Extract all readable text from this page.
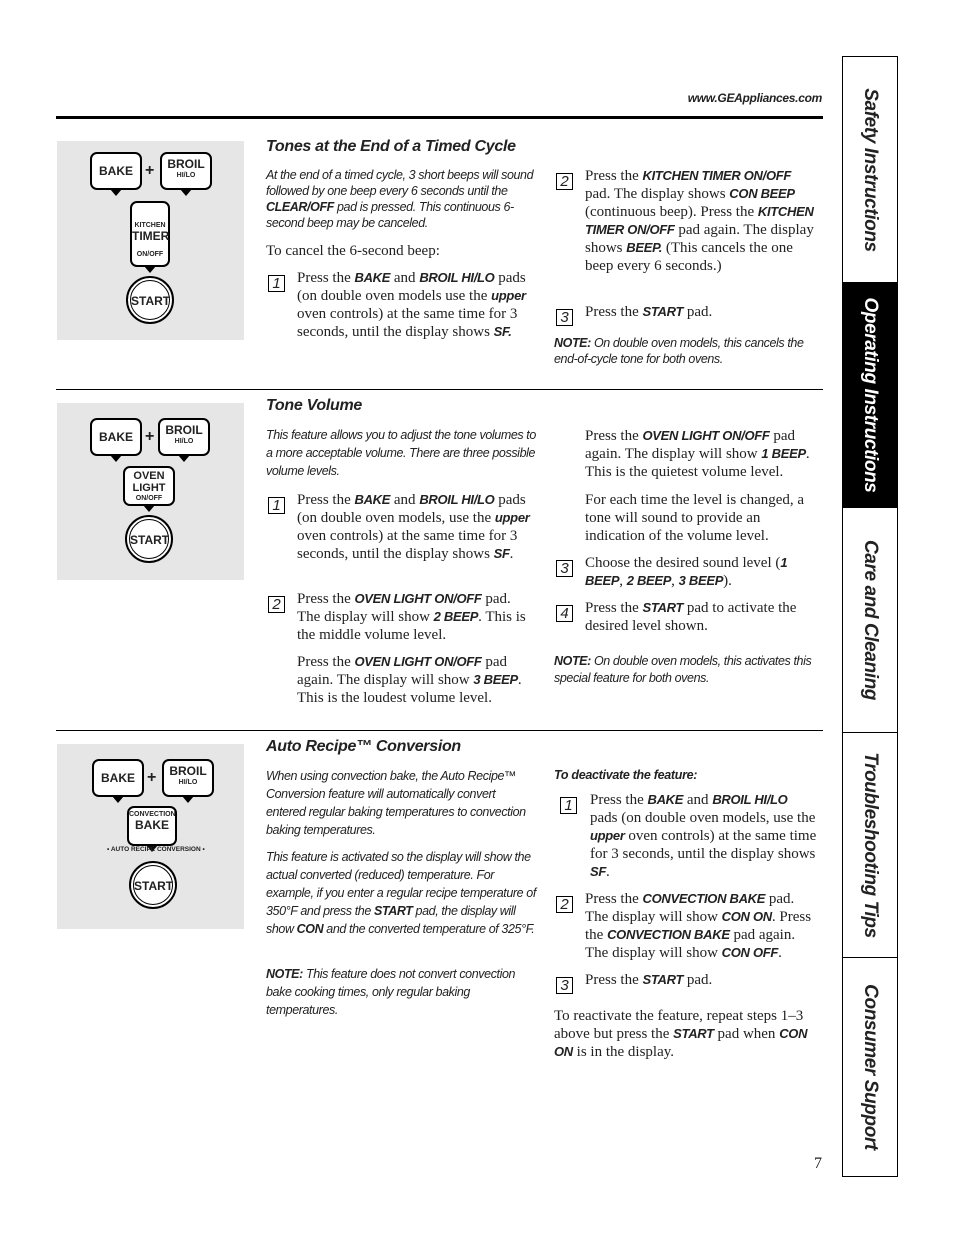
www.GEAppliances.com
BAKE +	BROIL
HI/LO
KITCHEN
TIMER
ON/OFF
START
Tones at the End of a Timed Cycle
At the end of a timed cycle, 3 short beeps will sound followed by one beep every 6 seconds until the CLEAR/OFF pad is pressed. This continuous 6-second beep may be canceled.
To cancel the 6-second beep:
1 Press the BAKE and BROIL HI/LO pads (on double oven models use the upper oven controls) at the same time for 3 seconds, until the display shows SF.
2 Press the KITCHEN TIMER ON/OFF pad. The display shows CON BEEP (continuous beep). Press the KITCHEN TIMER ON/OFF pad again. The display shows BEEP. (This cancels the one beep every 6 seconds.)
3 Press the START pad.
NOTE: On double oven models, this cancels the end-of-cycle tone for both ovens.
BAKE + BROIL
HI/LO
OVEN
LIGHT
ON/OFF
START
Tone Volume
This feature allows you to adjust the tone volumes to a more acceptable volume. There are three possible volume levels.
1 Press the BAKE and BROIL HI/LO pads (on double oven models, use the upper oven controls) at the same time for 3 seconds, until the display shows SF.
2 Press the OVEN LIGHT ON/OFF pad. The display will show 2 BEEP. This is the middle volume level.
Press the OVEN LIGHT ON/OFF pad again. The display will show 3 BEEP. This is the loudest volume level.
Press the OVEN LIGHT ON/OFF pad again. The display will show 1 BEEP. This is the quietest volume level.
For each time the level is changed, a tone will sound to provide an indication of the volume level.
3 Choose the desired sound level (1 BEEP, 2 BEEP, 3 BEEP).
4 Press the START pad to activate the desired level shown.
NOTE: On double oven models, this activates this special feature for both ovens.
BAKE +	BROIL
HI/LO
CONVECTION
BAKE
• AUTO RECIPE CONVERSION •
START
Auto Recipe™ Conversion
When using convection bake, the Auto Recipe™ Conversion feature will automatically convert entered regular baking temperatures to convection baking temperatures.
This feature is activated so the display will show the actual converted (reduced) temperature. For example, if you enter a regular recipe temperature of 350°F and press the START pad, the display will show CON and the converted temperature of 325°F.
NOTE: This feature does not convert convection bake cooking times, only regular baking temperatures.
To deactivate the feature:
1 Press the BAKE and BROIL HI/LO pads (on double oven models, use the upper oven controls) at the same time for 3 seconds, until the display shows SF.
2 Press the CONVECTION BAKE pad. The display will show CON ON. Press the CONVECTION BAKE pad again. The display will show CON OFF.
3 Press the START pad.
To reactivate the feature, repeat steps 1–3 above but press the START pad when CON ON is in the display.
7
Safety Instructions
Operating Instructions
Care and Cleaning
Troubleshooting Tips
Consumer Support
